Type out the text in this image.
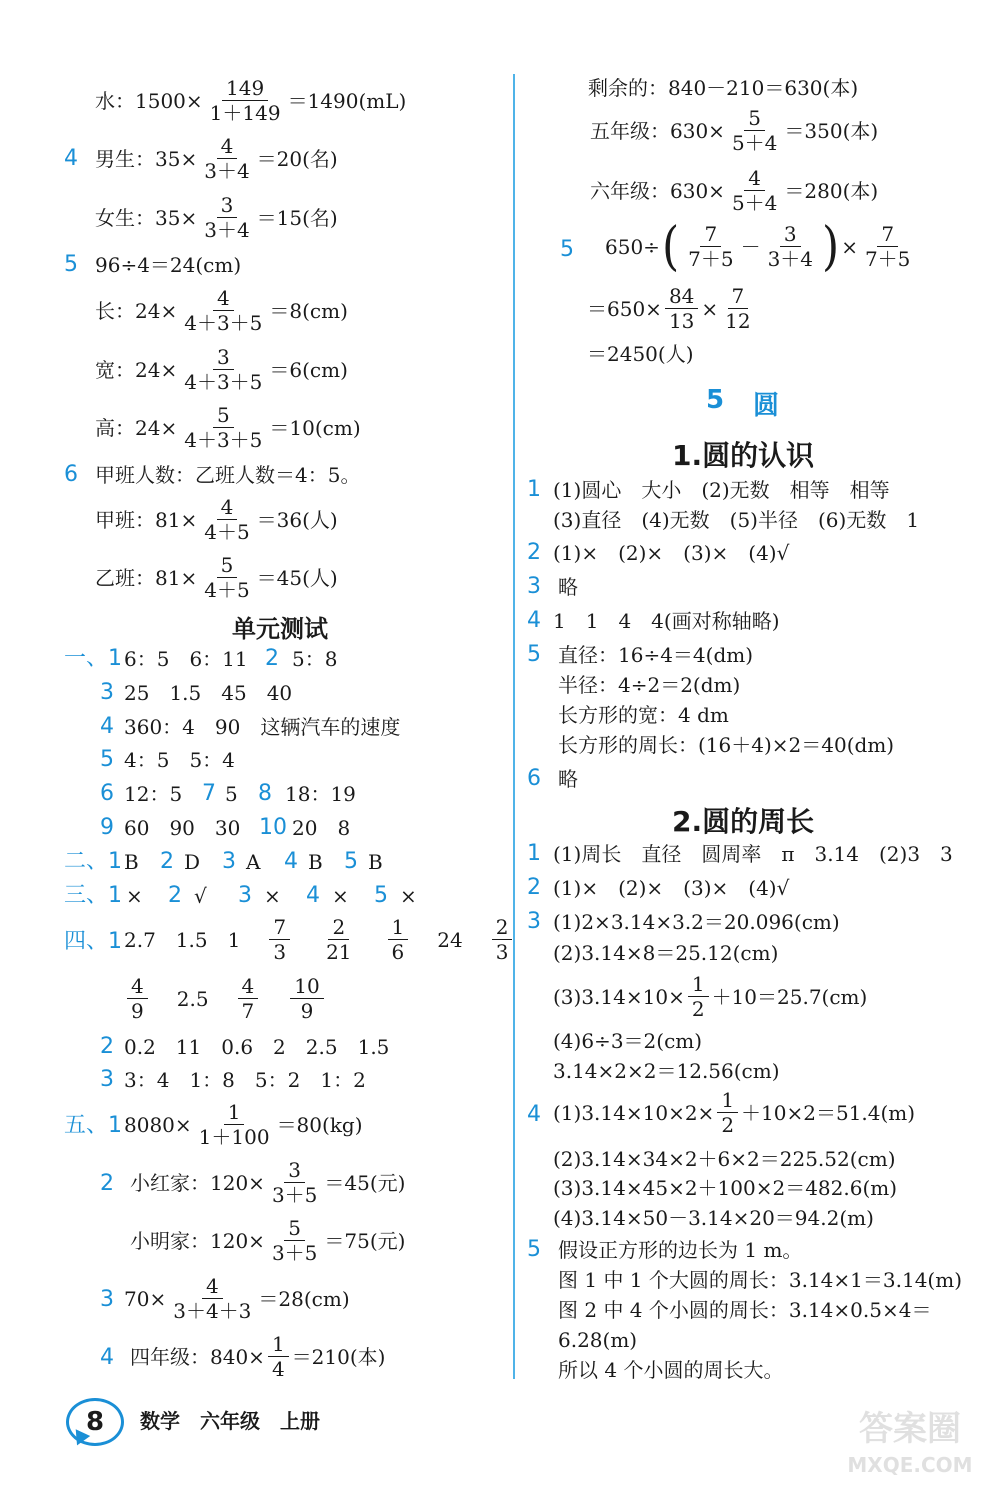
水：$1500\times \frac{149}{1+149} =1490(mL)$
4 男生：$35\times \frac{4}{3+4} =20$(名)
女生：$35\times \frac{3}{3+4} =15$(名)
5 96÷4＝24(cm)
长：$24\times \frac{4}{4+3+5} =8(cm)$
宽：$24\times \frac{3}{4+3+5} =6(cm)$
高：$24\times \frac{5}{4+3+5} =10(cm)$
6 甲班人数：乙班人数＝4：5。
甲班：$81\times \frac{4}{4+5} =36$(人)
乙班：$81\times \frac{5}{4+5} =45$(人)
单元测试
一、1 6：5　6：11 2 5：8
3 25　1.5　45　40
4 360：4　90　这辆汽车的速度
5 4：5　5：4
6 12：5 7 5 8 18：19
9 60　90　30 10 20　8
二、1 B 2 D 3 A 4 B 5 B
三、1 × 2 √ 3 × 4 × 5 ×
四、1 2.7　1.5　$1 \frac{7}{3} \frac{2}{21} \frac{1}{6} 24 \frac{2}{3}$
$\frac{4}{9} 2.5 \frac{4}{7} \frac{10}{9}$
2 0.2　11　0.6　2　2.5　1.5
3 3：4　1：8　5：2　1：2
五、1 $8080\times \frac{1}{1+100} =80(kg)$
2 小红家：$120\times \frac{3}{3+5} =45$(元)
小明家：$120\times \frac{5}{3+5} =75$(元)
3 $70\times \frac{4}{3+4+3} =28(cm)$
4 四年级：$840\times \frac{1}{4} =210$(本)
剩余的：840－210＝630(本)
五年级：$630\times \frac{5}{5+4} =350$(本)
六年级：$630\times \frac{4}{5+4} =280$(本)
5 650÷ ( $\frac{7}{7+5} - \frac{3}{3+4}$ ) × $\frac{7}{7+5}$
$=650\times \frac{84}{13} \times \frac{7}{12}$
＝2450(人)
5 圆
1.圆的认识
1 (1)圆心　大小　(2)无数　相等　相等
(3)直径　(4)无数　(5)半径　(6)无数　1
2 (1)×　(2)×　(3)×　(4)√
3 略
4 1　1　4　4(画对称轴略)
5 直径：16÷4＝4(dm)
半径：4÷2＝2(dm)
长方形的宽：4 dm
长方形的周长：(16＋4)×2＝40(dm)
6 略
2.圆的周长
1 (1)周长　直径　圆周率　π　3.14　(2)3　3
2 (1)×　(2)×　(3)×　(4)√
3 (1)2×3.14×3.2＝20.096(cm)
(2)3.14×8＝25.12(cm)
$(3)3.14\times 10\times \frac{1}{2} +10=25.7(cm)$
(4)6÷3＝2(cm)
3.14×2×2＝12.56(cm)
4 $(1)3.14\times 10\times 2\times \frac{1}{2} +10\times 2=51.4(m)$
(2)3.14×34×2＋6×2＝225.52(cm)
(3)3.14×45×2＋100×2＝482.6(m)
(4)3.14×50－3.14×20＝94.2(m)
5 假设正方形的边长为 1 m。
图 1 中 1 个大圆的周长：3.14×1＝3.14(m)
图 2 中 4 个小圆的周长：3.14×0.5×4＝
6.28(m)
所以 4 个小圆的周长大。
8 数学　六年级　上册	答案圈
MXQE.COM
